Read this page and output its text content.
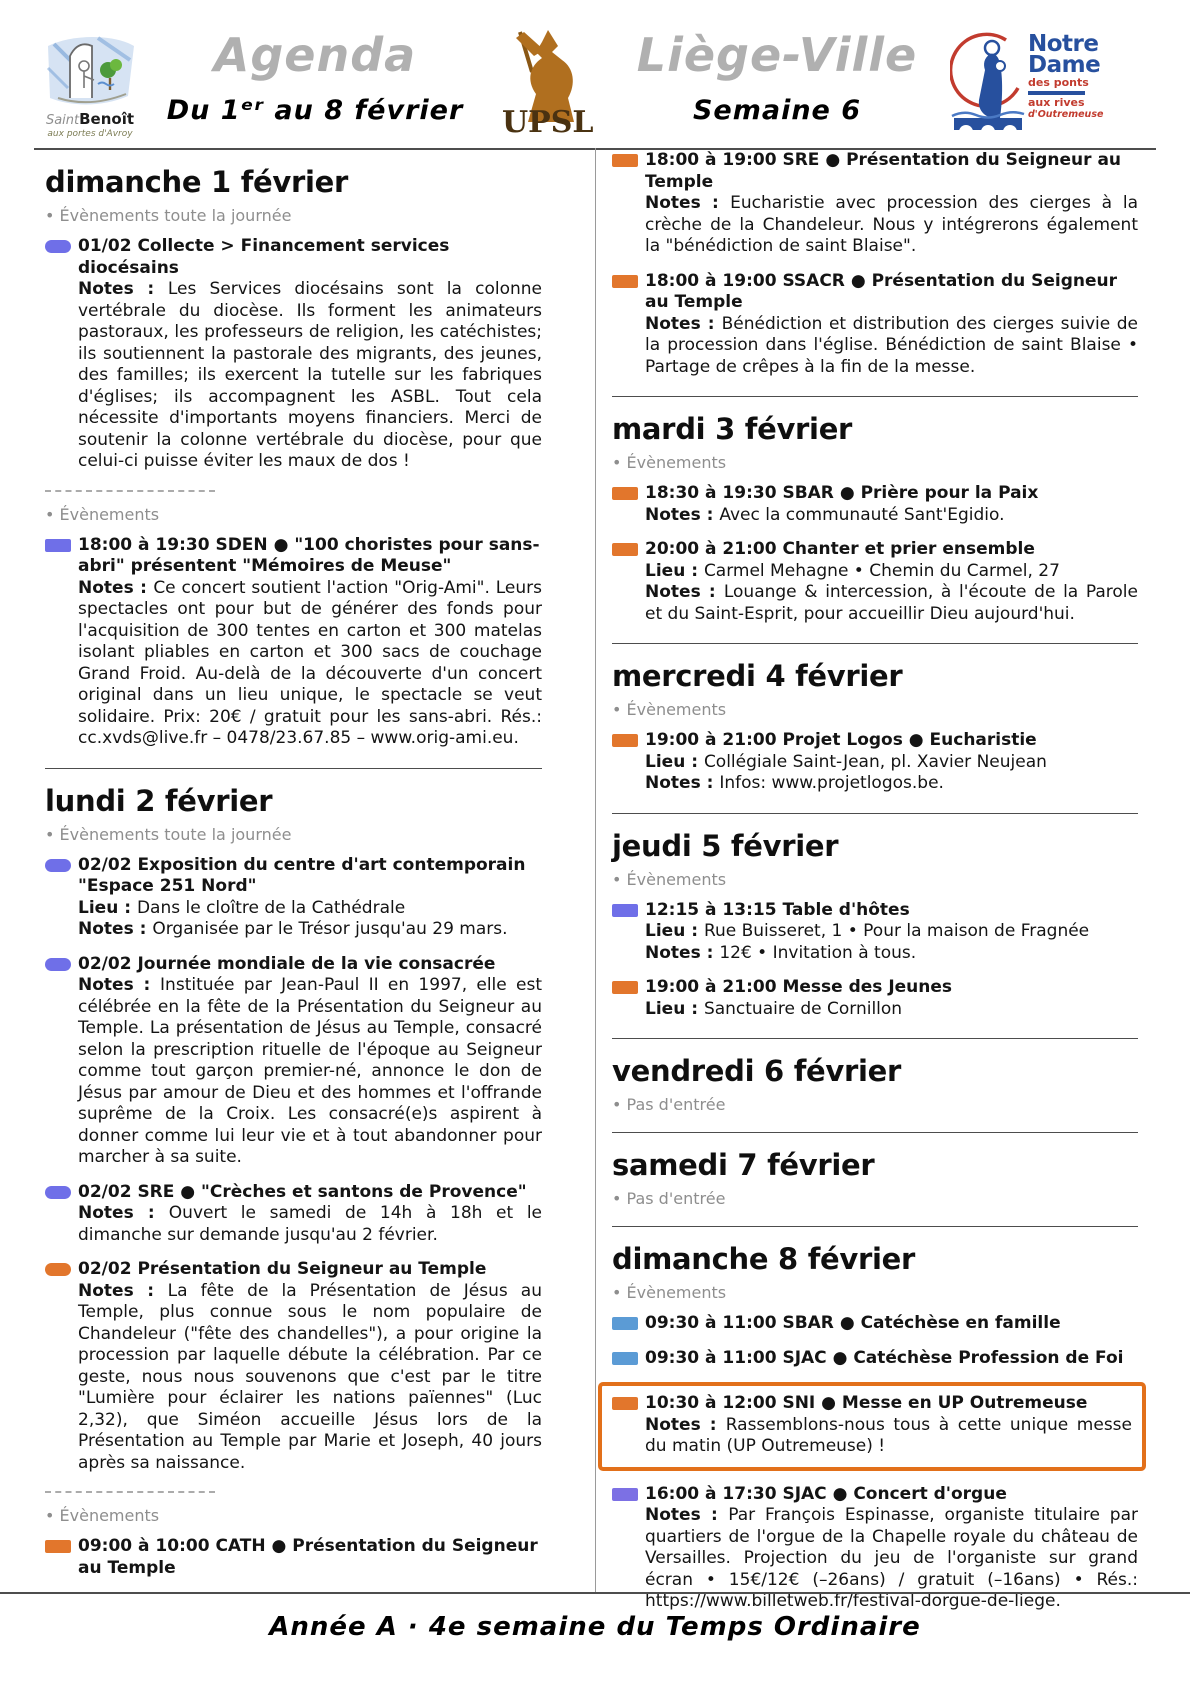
SaintBenoît
aux portes d'Avroy
Agenda
Du 1ᵉʳ au 8 février UPSL
Liège-Ville
Semaine 6
Notre
Dame
des ponts
aux rives
d'Outremeuse
dimanche 1 février
• Évènements toute la journée
01/02 Collecte > Financement services diocésains
Notes : Les Services diocésains sont la colonne vertébrale du diocèse. Ils forment les animateurs pastoraux, les professeurs de religion, les catéchistes; ils soutiennent la pastorale des migrants, des jeunes, des familles; ils exercent la tutelle sur les fabriques d'églises; ils accompagnent les ASBL. Tout cela nécessite d'importants moyens financiers. Merci de soutenir la colonne vertébrale du diocèse, pour que celui-ci puisse éviter les maux de dos !
• Évènements
18:00 à 19:30 SDEN ● "100 choristes pour sans-abri" présentent "Mémoires de Meuse"
Notes : Ce concert soutient l'action "Orig-Ami". Leurs spectacles ont pour but de générer des fonds pour l'acquisition de 300 tentes en carton et 300 matelas isolant pliables en carton et 300 sacs de couchage Grand Froid. Au-delà de la découverte d'un concert original dans un lieu unique, le spectacle se veut solidaire. Prix: 20€ / gratuit pour les sans-abri. Rés.: cc.xvds@live.fr – 0478/23.67.85 – www.orig-ami.eu.
lundi 2 février
• Évènements toute la journée
02/02 Exposition du centre d'art contemporain "Espace 251 Nord"
Lieu : Dans le cloître de la Cathédrale
Notes : Organisée par le Trésor jusqu'au 29 mars.
02/02 Journée mondiale de la vie consacrée
Notes : Instituée par Jean-Paul II en 1997, elle est célébrée en la fête de la Présentation du Seigneur au Temple. La présentation de Jésus au Temple, consacré selon la prescription rituelle de l'époque au Seigneur comme tout garçon premier-né, annonce le don de Jésus par amour de Dieu et des hommes et l'offrande suprême de la Croix. Les consacré(e)s aspirent à donner comme lui leur vie et à tout abandonner pour marcher à sa suite.
02/02 SRE ● "Crèches et santons de Provence"
Notes : Ouvert le samedi de 14h à 18h et le dimanche sur demande jusqu'au 2 février.
02/02 Présentation du Seigneur au Temple
Notes : La fête de la Présentation de Jésus au Temple, plus connue sous le nom populaire de Chandeleur ("fête des chandelles"), a pour origine la procession par laquelle débute la célébration. Par ce geste, nous nous souvenons que c'est par le titre "Lumière pour éclairer les nations païennes" (Luc 2,32), que Siméon accueille Jésus lors de la Présentation au Temple par Marie et Joseph, 40 jours après sa naissance.
• Évènements
09:00 à 10:00 CATH ● Présentation du Seigneur au Temple
18:00 à 19:00 SRE ● Présentation du Seigneur au Temple
Notes : Eucharistie avec procession des cierges à la crèche de la Chandeleur. Nous y intégrerons également la "bénédiction de saint Blaise".
18:00 à 19:00 SSACR ● Présentation du Seigneur au Temple
Notes : Bénédiction et distribution des cierges suivie de la procession dans l'église. Bénédiction de saint Blaise • Partage de crêpes à la fin de la messe.
mardi 3 février
• Évènements
18:30 à 19:30 SBAR ● Prière pour la Paix
Notes : Avec la communauté Sant'Egidio.
20:00 à 21:00 Chanter et prier ensemble
Lieu : Carmel Mehagne • Chemin du Carmel, 27
Notes : Louange & intercession, à l'écoute de la Parole et du Saint-Esprit, pour accueillir Dieu aujourd'hui.
mercredi 4 février
• Évènements
19:00 à 21:00 Projet Logos ● Eucharistie
Lieu : Collégiale Saint-Jean, pl. Xavier Neujean
Notes : Infos: www.projetlogos.be.
jeudi 5 février
• Évènements
12:15 à 13:15 Table d'hôtes
Lieu : Rue Buisseret, 1 • Pour la maison de Fragnée
Notes : 12€ • Invitation à tous.
19:00 à 21:00 Messe des Jeunes
Lieu : Sanctuaire de Cornillon
vendredi 6 février
• Pas d'entrée
samedi 7 février
• Pas d'entrée
dimanche 8 février
• Évènements
09:30 à 11:00 SBAR ● Catéchèse en famille
09:30 à 11:00 SJAC ● Catéchèse Profession de Foi
10:30 à 12:00 SNI ● Messe en UP Outremeuse
Notes : Rassemblons-nous tous à cette unique messe du matin (UP Outremeuse) !
16:00 à 17:30 SJAC ● Concert d'orgue
Notes : Par François Espinasse, organiste titulaire par quartiers de l'orgue de la Chapelle royale du château de Versailles. Projection du jeu de l'organiste sur grand écran • 15€/12€ (–26ans) / gratuit (–16ans) • Rés.: https://www.billetweb.fr/festival-dorgue-de-liege.
Année A · 4e semaine du Temps Ordinaire
